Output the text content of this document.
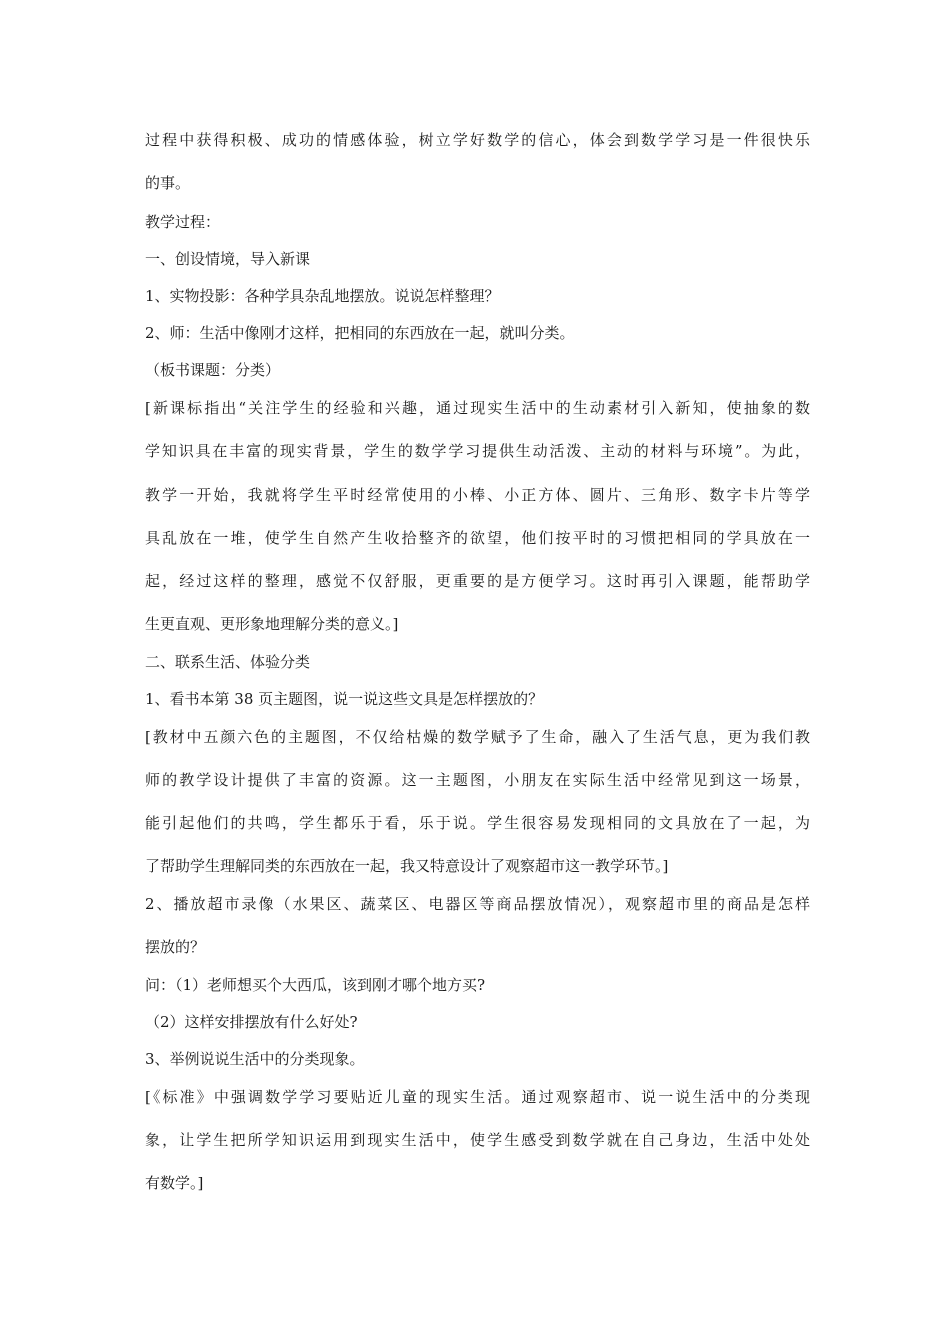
过程中获得积极、成功的情感体验，树立学好数学的信心，体会到数学学习是一件很快乐
的事。
教学过程：
一、创设情境，导入新课
1、实物投影：各种学具杂乱地摆放。说说怎样整理？
2、师：生活中像刚才这样，把相同的东西放在一起，就叫分类。
（板书课题：分类）
[新课标指出“关注学生的经验和兴趣，通过现实生活中的生动素材引入新知，使抽象的数
学知识具在丰富的现实背景，学生的数学学习提供生动活泼、主动的材料与环境”。为此，
教学一开始，我就将学生平时经常使用的小棒、小正方体、圆片、三角形、数字卡片等学
具乱放在一堆，使学生自然产生收拾整齐的欲望，他们按平时的习惯把相同的学具放在一
起，经过这样的整理，感觉不仅舒服，更重要的是方便学习。这时再引入课题，能帮助学
生更直观、更形象地理解分类的意义。]
二、联系生活、体验分类
1、看书本第 38 页主题图，说一说这些文具是怎样摆放的？
[教材中五颜六色的主题图，不仅给枯燥的数学赋予了生命，融入了生活气息，更为我们教
师的教学设计提供了丰富的资源。这一主题图，小朋友在实际生活中经常见到这一场景，
能引起他们的共鸣，学生都乐于看，乐于说。学生很容易发现相同的文具放在了一起，为
了帮助学生理解同类的东西放在一起，我又特意设计了观察超市这一教学环节。]
2、播放超市录像（水果区、蔬菜区、电器区等商品摆放情况），观察超市里的商品是怎样
摆放的？
问：（1）老师想买个大西瓜，该到刚才哪个地方买?
（2）这样安排摆放有什么好处?
3、举例说说生活中的分类现象。
[《标准》中强调数学学习要贴近儿童的现实生活。通过观察超市、说一说生活中的分类现
象，让学生把所学知识运用到现实生活中，使学生感受到数学就在自己身边，生活中处处
有数学。]
